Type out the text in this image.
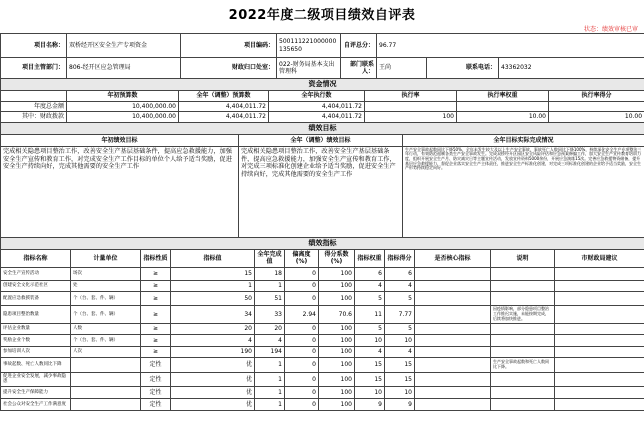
2022年度二级项目绩效自评表
状态：绩效审核已审
项目名称：	双桥经开区安全生产专项资金	项目编码：	500111221000000135650	自评总分：	96.77		
项目主管部门：	806-经开区应急管理局	财政归口处室：	022-财务局基本支出管理科	部门联系人：	王尚	联系电话：	43362032
资金情况						
	年初预算数	全年（调整）预算数	全年执行数	执行率	执行率权重	执行率得分
年度总金额	10,400,000.00	4,404,011.72	4,404,011.72			
其中：财政拨款	10,400,000.00	4,404,011.72	4,404,011.72	100	10.00	10.00
绩效目标		
年初绩效目标	全年（调整）绩效目标	全年目标实际完成情况
完成相关隐患项目整治工作，改善安全生产基层基础条件，提高应急救援能力，加强安全生产宣传和教育工作，对完成安全生产工作目标的单位个人给予适当奖励，促进安全生产持续向好，完成其他需要的安全生产工作	完成相关隐患项目整治工作，改善安全生产基层基础条件，提高应急救援能力，加强安全生产宣传和教育工作，对完成三项标准化创建企业给予适当奖励，促进安全生产持续向好，完成其他需要的安全生产工作	生产安全事故起数同比下降50%，全年未发生较大及以上生产安全事故，事故死亡人数同比下降100%，持续深化安全生产专项整治三年行动，有效防范遏制各类生产安全事故发生。完成双桥经开区园区安全风险评估和应急预案修编工作，加大安全生产宣传教育培训力度，组织开展安全生产月、防灾减灾日等主题宣传活动，发放宣传资料5000余份，开展应急演练15次。完善应急救援物资储备，提升基层应急救援能力，督促企业落实安全生产主体责任，推进安全生产标准化创建，对完成三项标准化创建的企业给予适当奖励，安全生产形势持续稳定向好。
绩效指标											
指标名称	计量单位	指标性质	指标值	全年完成值	偏离度(%)	得分系数(%)	指标权重	指标得分	是否核心指标	说明	市财政局建议
安全生产宣传活动	场次	≥	15	18	0	100	6	6			
创建安全文化示范社区	处	≥	1	1	0	100	4	4			
配置应急救援装备	个（台、套、件、辆）	≥	50	51	0	100	5	5			
隐患项目整治数量	个（台、套、件、辆）	≥	34	33	2.94	70.6	11	7.77		因疫情影响，部分隐患项目整治工作推迟实施，未能按期完成，后续将加快推进。	
评估企业数量	人数	≥	20	20	0	100	5	5			
奖励企业个数	个（台、套、件、辆）	≥	4	4	0	100	10	10			
参加培训人次	人次	≥	190	194	0	100	4	4			
事故起数、死亡人数同比下降		定性	优	1	0	100	15	15		生产安全事故起数和死亡人数同比下降。	
促进企业安全发展，减少事故隐患		定性	优	1	0	100	15	15			
提升安全生产保障能力		定性	优	1	0	100	10	10			
社会公众对安全生产工作满意度		定性	优	1	0	100	9	9			
